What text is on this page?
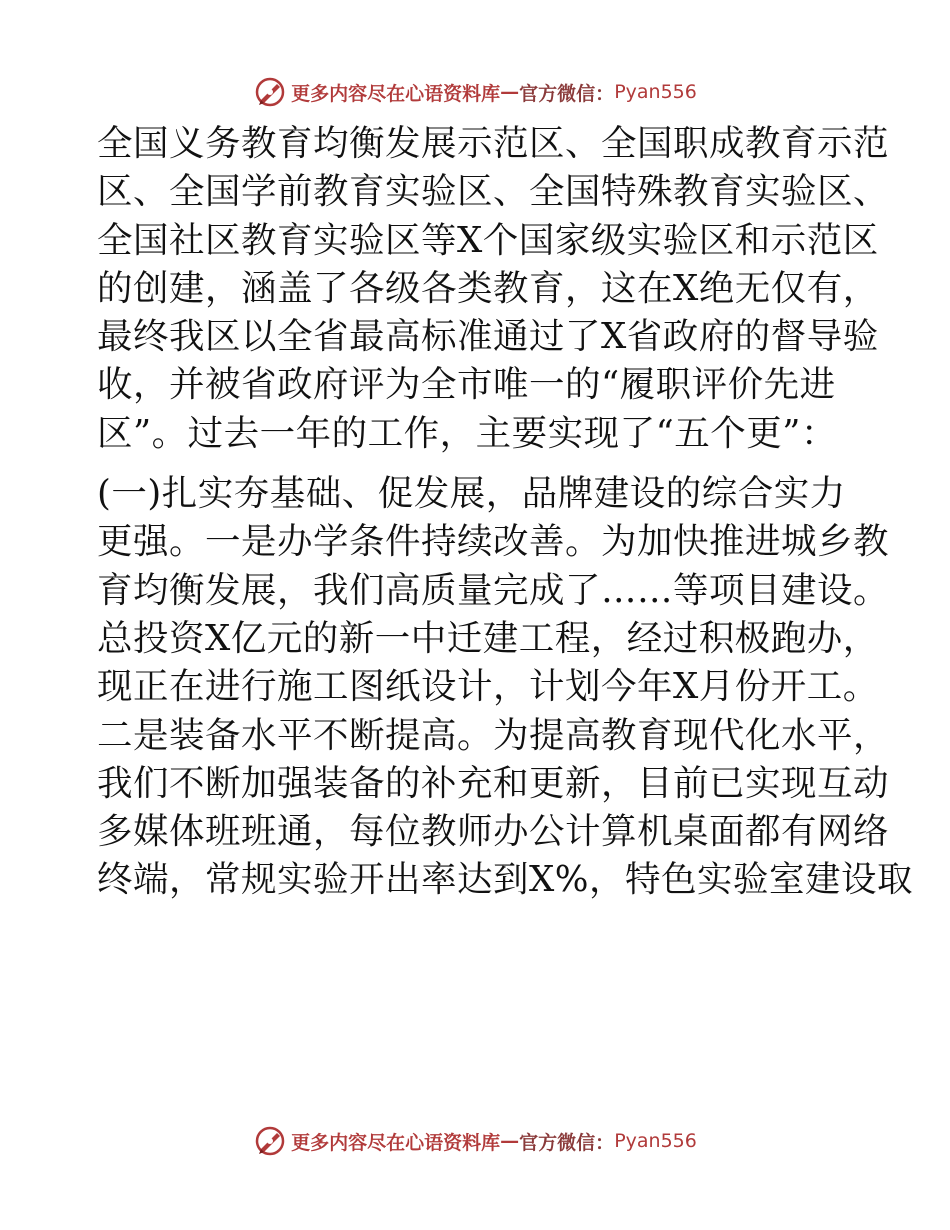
更多内容尽在心语资料库 — 官方微信： Pyan556
全国义务教育均衡发展示范区、全国职成教育示范
区、全国学前教育实验区、全国特殊教育实验区、
全国社区教育实验区等X个国家级实验区和示范区
的创建，涵盖了各级各类教育，这在X绝无仅有，
最终我区以全省最高标准通过了X省政府的督导验
收，并被省政府评为全市唯一的“履职评价先进
区”。过去一年的工作，主要实现了“五个更”：
(一)扎实夯基础、促发展，品牌建设的综合实力
更强。一是办学条件持续改善。为加快推进城乡教
育均衡发展，我们高质量完成了……等项目建设。
总投资X亿元的新一中迁建工程，经过积极跑办，
现正在进行施工图纸设计，计划今年X月份开工。
二是装备水平不断提高。为提高教育现代化水平，
我们不断加强装备的补充和更新，目前已实现互动
多媒体班班通，每位教师办公计算机桌面都有网络
终端，常规实验开出率达到X%，特色实验室建设取
更多内容尽在心语资料库 — 官方微信： Pyan556
